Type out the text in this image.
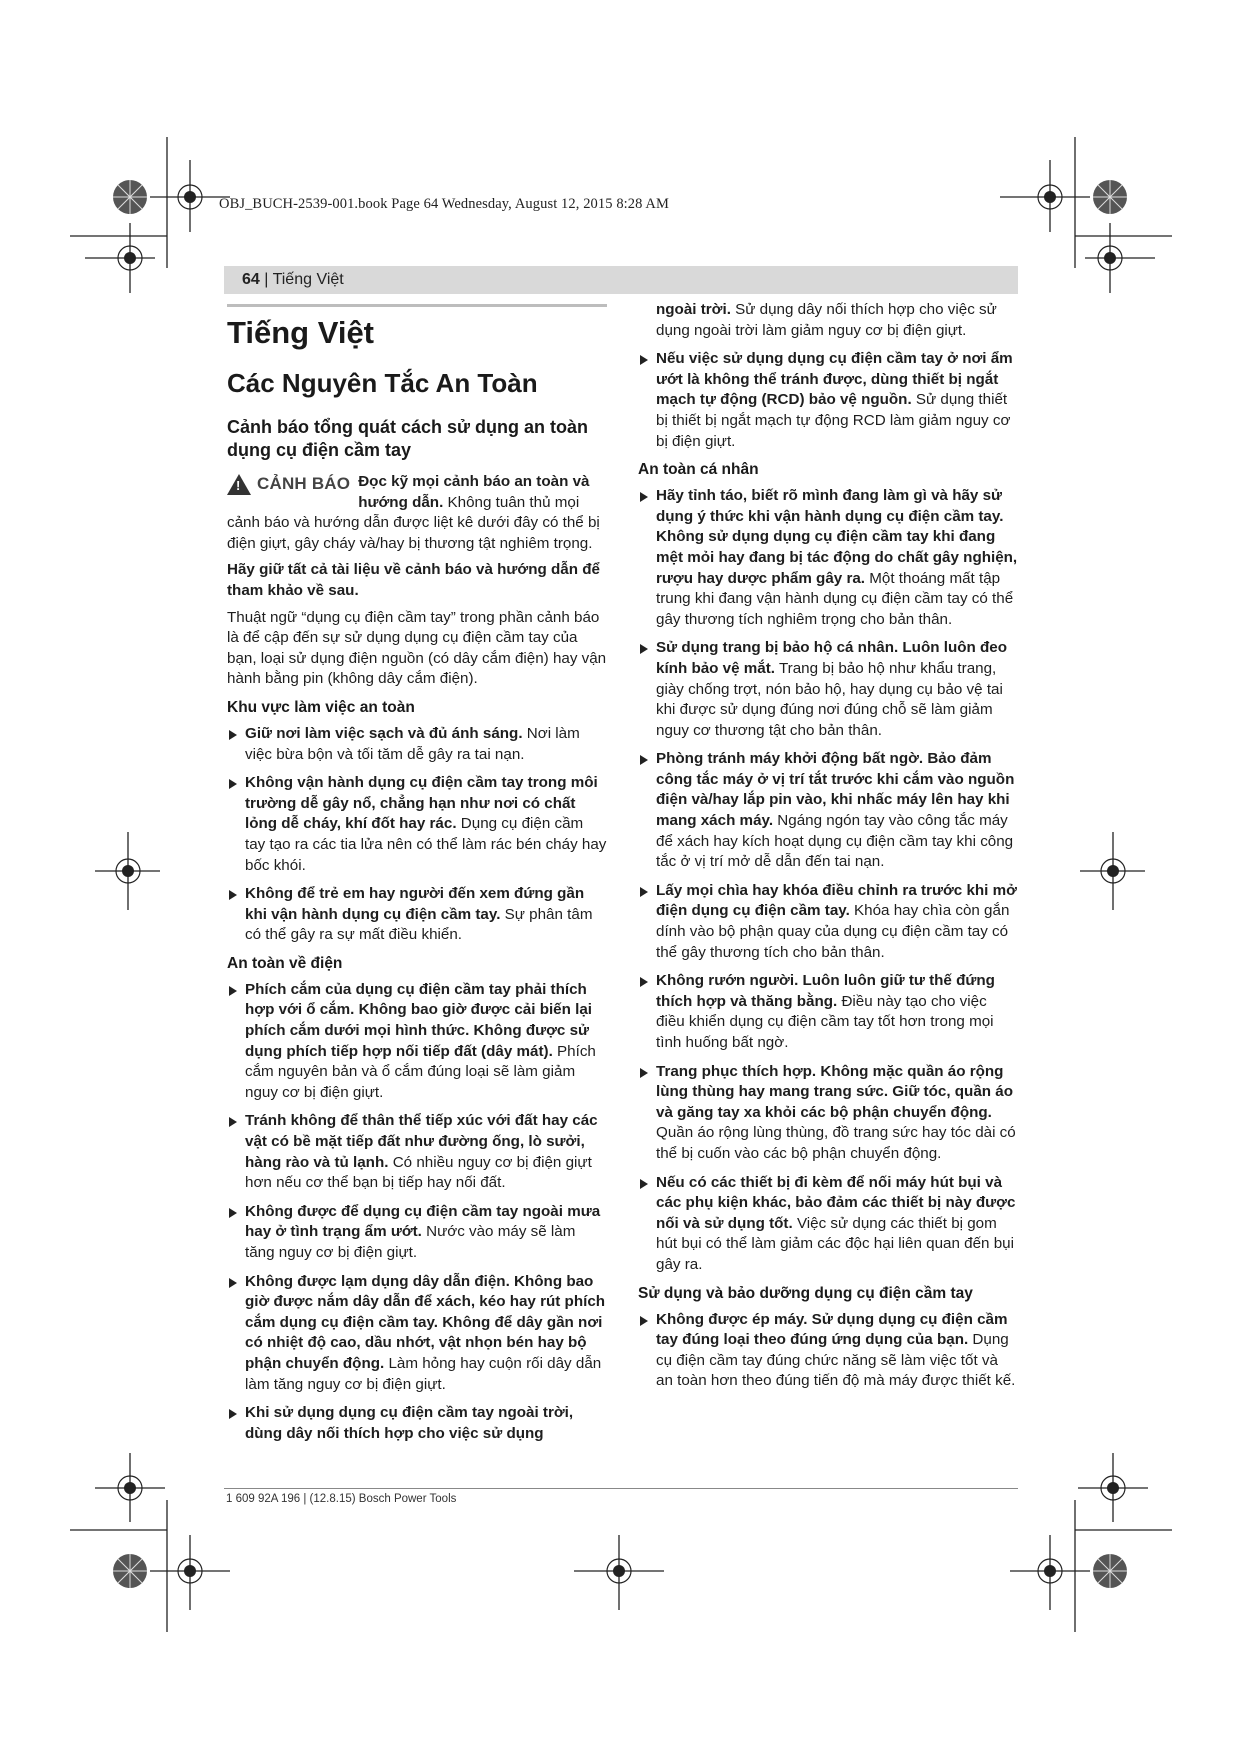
OBJ_BUCH-2539-001.book Page 64 Wednesday, August 12, 2015 8:28 AM
64 | Tiếng Việt
Tiếng Việt
Các Nguyên Tắc An Toàn
Cảnh báo tổng quát cách sử dụng an toàn dụng cụ điện cầm tay
! CẢNH BÁO Đọc kỹ mọi cảnh báo an toàn và hướng dẫn. Không tuân thủ mọi cảnh báo và hướng dẫn được liệt kê dưới đây có thể bị điện giựt, gây cháy và/hay bị thương tật nghiêm trọng.
Hãy giữ tất cả tài liệu về cảnh báo và hướng dẫn để tham khảo về sau.
Thuật ngữ “dụng cụ điện cầm tay” trong phần cảnh báo là để cập đến sự sử dụng dụng cụ điện cầm tay của bạn, loại sử dụng điện nguồn (có dây cắm điện) hay vận hành bằng pin (không dây cắm điện).
Khu vực làm việc an toàn
Giữ nơi làm việc sạch và đủ ánh sáng. Nơi làm việc bừa bộn và tối tăm dễ gây ra tai nạn.
Không vận hành dụng cụ điện cầm tay trong môi trường dễ gây nổ, chẳng hạn như nơi có chất lỏng dễ cháy, khí đốt hay rác. Dụng cụ điện cầm tay tạo ra các tia lửa nên có thể làm rác bén cháy hay bốc khói.
Không để trẻ em hay người đến xem đứng gần khi vận hành dụng cụ điện cầm tay. Sự phân tâm có thể gây ra sự mất điều khiển.
An toàn về điện
Phích cắm của dụng cụ điện cầm tay phải thích hợp với ổ cắm. Không bao giờ được cải biến lại phích cắm dưới mọi hình thức. Không được sử dụng phích tiếp hợp nối tiếp đất (dây mát). Phích cắm nguyên bản và ổ cắm đúng loại sẽ làm giảm nguy cơ bị điện giựt.
Tránh không để thân thể tiếp xúc với đất hay các vật có bề mặt tiếp đất như đường ống, lò sưởi, hàng rào và tủ lạnh. Có nhiều nguy cơ bị điện giựt hơn nếu cơ thể bạn bị tiếp hay nối đất.
Không được để dụng cụ điện cầm tay ngoài mưa hay ở tình trạng ẩm ướt. Nước vào máy sẽ làm tăng nguy cơ bị điện giựt.
Không được lạm dụng dây dẫn điện. Không bao giờ được nắm dây dẫn để xách, kéo hay rút phích cắm dụng cụ điện cầm tay. Không để dây gần nơi có nhiệt độ cao, dầu nhớt, vật nhọn bén hay bộ phận chuyển động. Làm hỏng hay cuộn rối dây dẫn làm tăng nguy cơ bị điện giựt.
Khi sử dụng dụng cụ điện cầm tay ngoài trời, dùng dây nối thích hợp cho việc sử dụng
ngoài trời. Sử dụng dây nối thích hợp cho việc sử dụng ngoài trời làm giảm nguy cơ bị điện giựt.
Nếu việc sử dụng dụng cụ điện cầm tay ở nơi ẩm ướt là không thể tránh được, dùng thiết bị ngắt mạch tự động (RCD) bảo vệ nguồn. Sử dụng thiết bị thiết bị ngắt mạch tự động RCD làm giảm nguy cơ bị điện giựt.
An toàn cá nhân
Hãy tỉnh táo, biết rõ mình đang làm gì và hãy sử dụng ý thức khi vận hành dụng cụ điện cầm tay. Không sử dụng dụng cụ điện cầm tay khi đang mệt mỏi hay đang bị tác động do chất gây nghiện, rượu hay dược phẩm gây ra. Một thoáng mất tập trung khi đang vận hành dụng cụ điện cầm tay có thể gây thương tích nghiêm trọng cho bản thân.
Sử dụng trang bị bảo hộ cá nhân. Luôn luôn đeo kính bảo vệ mắt. Trang bị bảo hộ như khẩu trang, giày chống trợt, nón bảo hộ, hay dụng cụ bảo vệ tai khi được sử dụng đúng nơi đúng chỗ sẽ làm giảm nguy cơ thương tật cho bản thân.
Phòng tránh máy khởi động bất ngờ. Bảo đảm công tắc máy ở vị trí tắt trước khi cắm vào nguồn điện và/hay lắp pin vào, khi nhấc máy lên hay khi mang xách máy. Ngáng ngón tay vào công tắc máy để xách hay kích hoạt dụng cụ điện cầm tay khi công tắc ở vị trí mở dễ dẫn đến tai nạn.
Lấy mọi chìa hay khóa điều chỉnh ra trước khi mở điện dụng cụ điện cầm tay. Khóa hay chìa còn gắn dính vào bộ phận quay của dụng cụ điện cầm tay có thể gây thương tích cho bản thân.
Không rướn người. Luôn luôn giữ tư thế đứng thích hợp và thăng bằng. Điều này tạo cho việc điều khiển dụng cụ điện cầm tay tốt hơn trong mọi tình huống bất ngờ.
Trang phục thích hợp. Không mặc quần áo rộng lùng thùng hay mang trang sức. Giữ tóc, quần áo và găng tay xa khỏi các bộ phận chuyển động. Quần áo rộng lùng thùng, đồ trang sức hay tóc dài có thể bị cuốn vào các bộ phận chuyển động.
Nếu có các thiết bị đi kèm để nối máy hút bụi và các phụ kiện khác, bảo đảm các thiết bị này được nối và sử dụng tốt. Việc sử dụng các thiết bị gom hút bụi có thể làm giảm các độc hại liên quan đến bụi gây ra.
Sử dụng và bảo dưỡng dụng cụ điện cầm tay
Không được ép máy. Sử dụng dụng cụ điện cầm tay đúng loại theo đúng ứng dụng của bạn. Dụng cụ điện cầm tay đúng chức năng sẽ làm việc tốt và an toàn hơn theo đúng tiến độ mà máy được thiết kế.
1 609 92A 196 | (12.8.15) Bosch Power Tools
